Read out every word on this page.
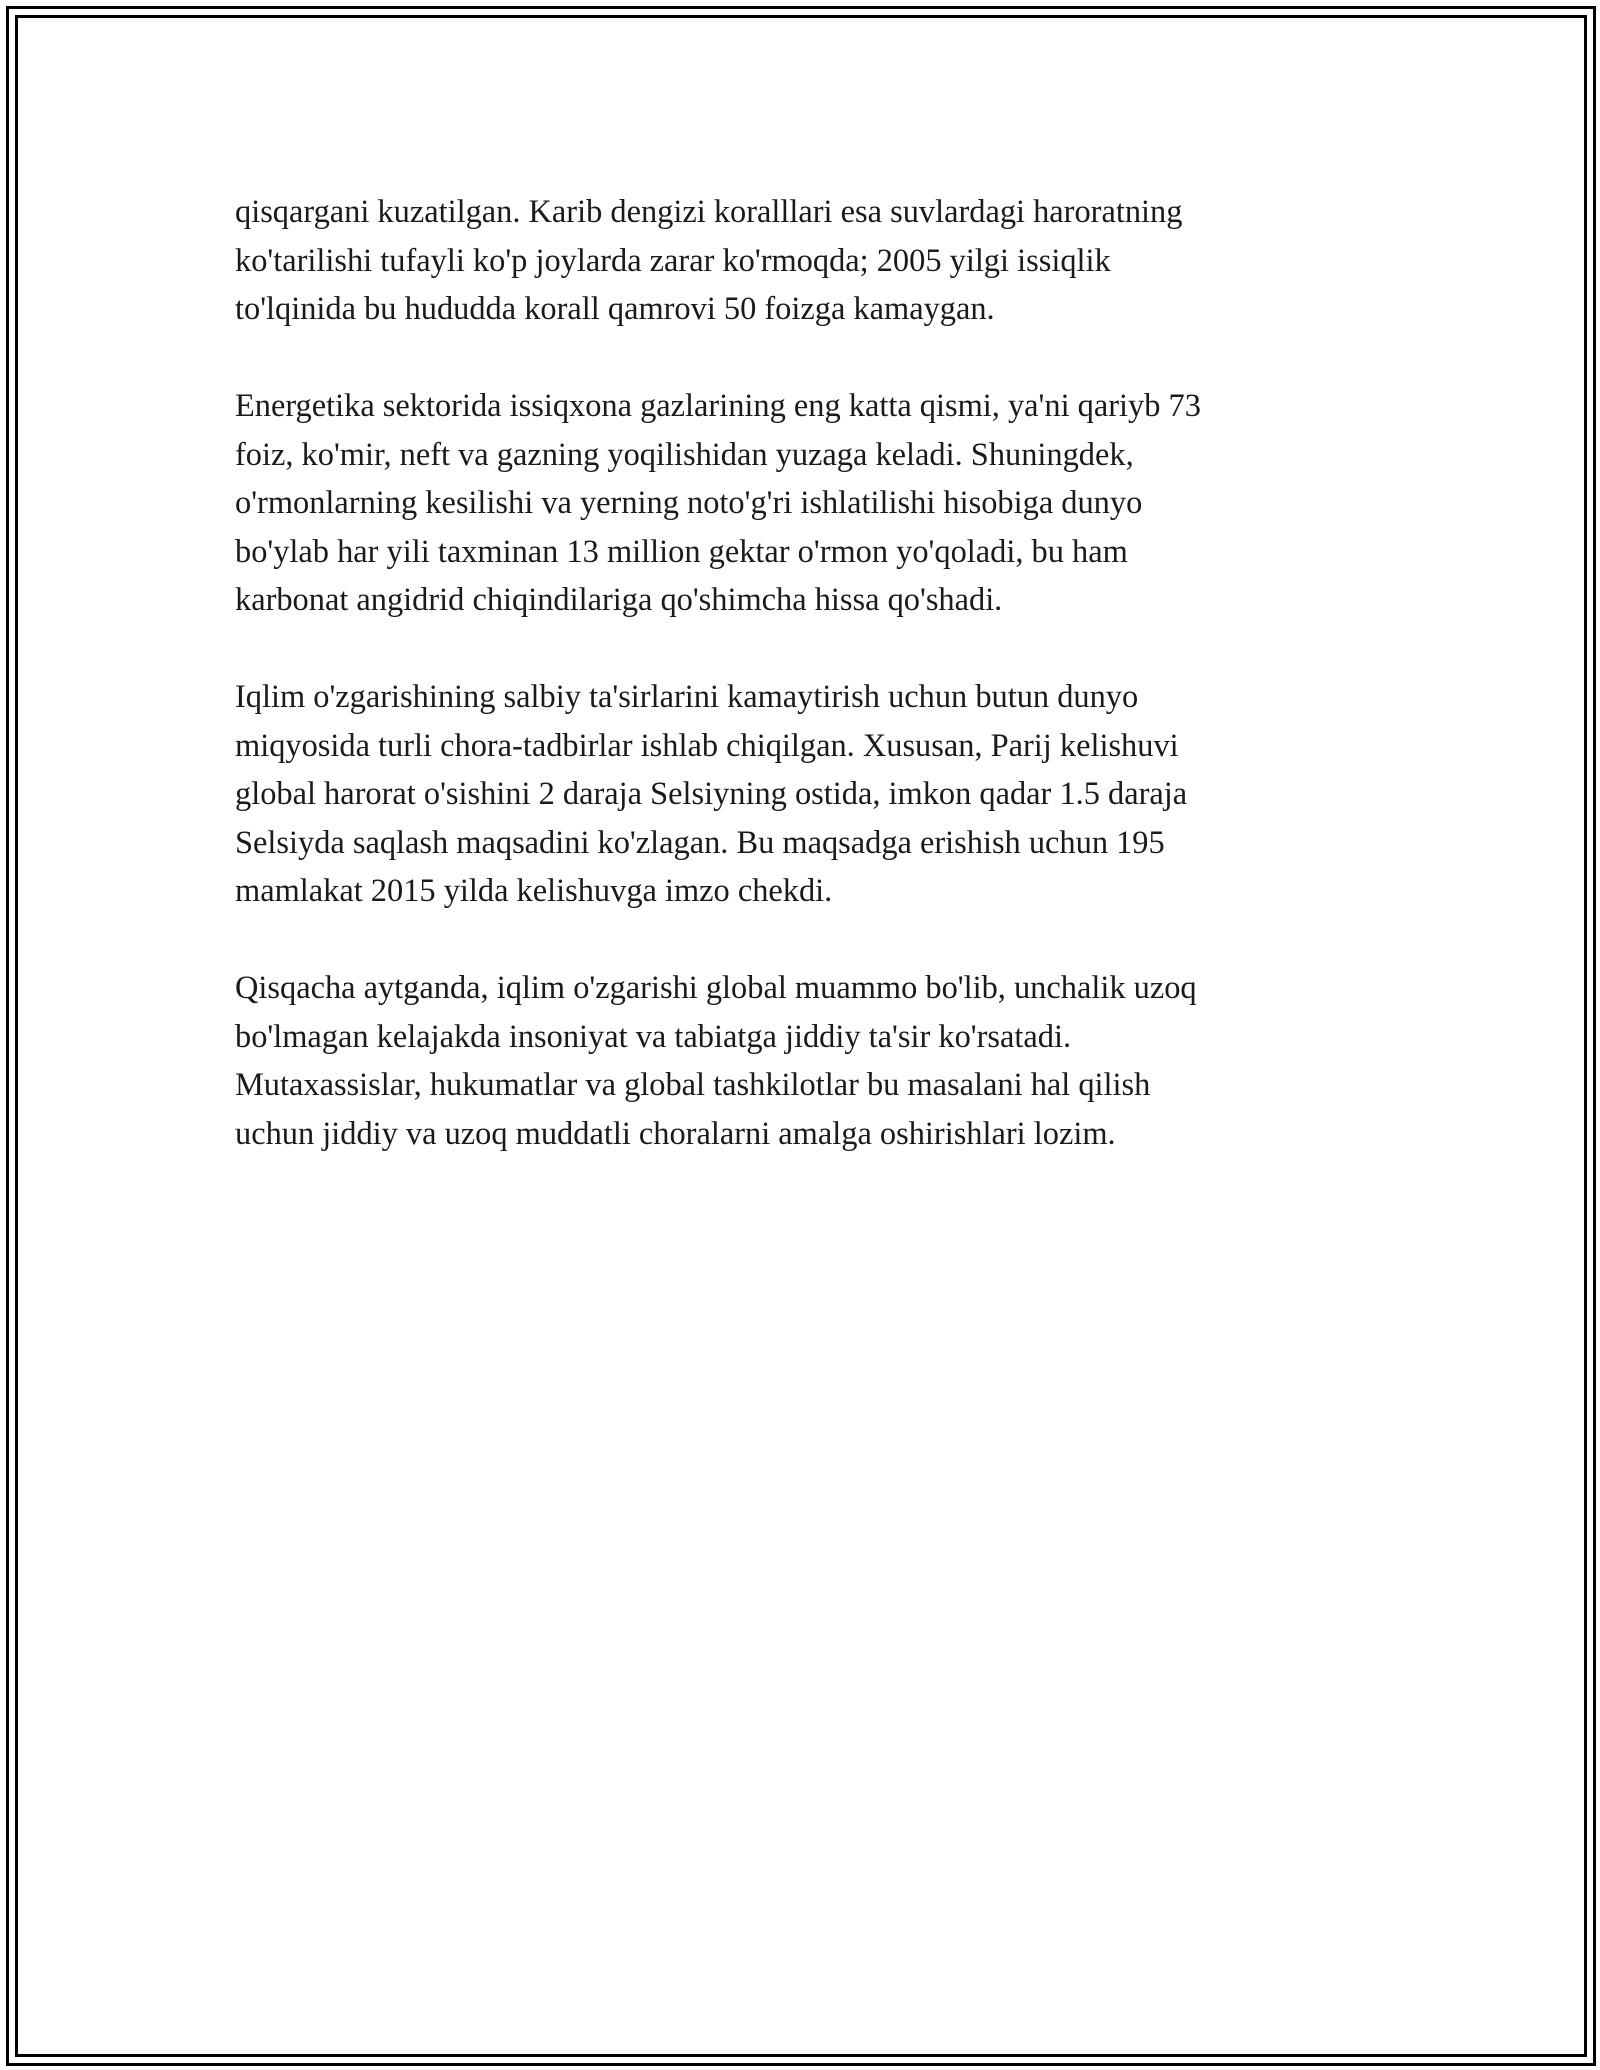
qisqargani kuzatilgan. Karib dengizi koralllari esa suvlardagi haroratning
ko'tarilishi tufayli ko'p joylarda zarar ko'rmoqda; 2005 yilgi issiqlik
to'lqinida bu hududda korall qamrovi 50 foizga kamaygan.

Energetika sektorida issiqxona gazlarining eng katta qismi, ya'ni qariyb 73
foiz, ko'mir, neft va gazning yoqilishidan yuzaga keladi. Shuningdek,
o'rmonlarning kesilishi va yerning noto'g'ri ishlatilishi hisobiga dunyo
bo'ylab har yili taxminan 13 million gektar o'rmon yo'qoladi, bu ham
karbonat angidrid chiqindilariga qo'shimcha hissa qo'shadi.

Iqlim o'zgarishining salbiy ta'sirlarini kamaytirish uchun butun dunyo
miqyosida turli chora-tadbirlar ishlab chiqilgan. Xususan, Parij kelishuvi
global harorat o'sishini 2 daraja Selsiyning ostida, imkon qadar 1.5 daraja
Selsiyda saqlash maqsadini ko'zlagan. Bu maqsadga erishish uchun 195
mamlakat 2015 yilda kelishuvga imzo chekdi.

Qisqacha aytganda, iqlim o'zgarishi global muammo bo'lib, unchalik uzoq
bo'lmagan kelajakda insoniyat va tabiatga jiddiy ta'sir ko'rsatadi.
Mutaxassislar, hukumatlar va global tashkilotlar bu masalani hal qilish
uchun jiddiy va uzoq muddatli choralarni amalga oshirishlari lozim.
